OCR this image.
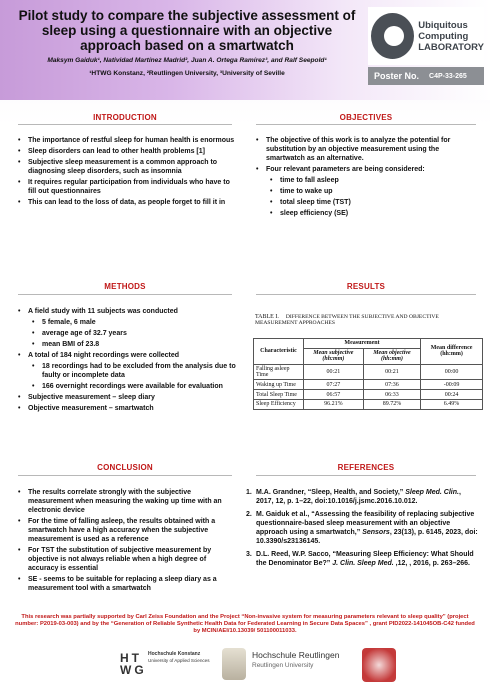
Pilot study to compare the subjective assessment of sleep using a questionnaire with an objective approach based on a smartwatch
Maksym Gaiduk¹, Natividad Martínez Madrid², Juan A. Ortega Ramírez³, and Ralf Seepold¹
¹HTWG Konstanz, ²Reutlingen University, ³University of Seville
Ubiquitous
Computing
LABORATORY
Poster No. C4P-33-265
INTRODUCTION
• The importance of restful sleep for human health is enormous
• Sleep disorders can lead to other health problems [1]
• Subjective sleep measurement is a common approach to diagnosing sleep disorders, such as insomnia
• It requires regular participation from individuals who have to fill out questionnaires
• This can lead to the loss of data, as people forget to fill it in
OBJECTIVES
• The objective of this work is to analyze the potential for substitution by an objective measurement using the smartwatch as an alternative.
• Four relevant parameters are being considered:
• time to fall asleep
• time to wake up
• total sleep time (TST)
• sleep efficiency (SE)
METHODS
• A field study with 11 subjects was conducted
• 5 female, 6 male
• average age of 32.7 years
• mean BMI of 23.8
• A total of 184 night recordings were collected
• 18 recordings had to be excluded from the analysis due to faulty or incomplete data
• 166 overnight recordings were available for evaluation
• Subjective measurement – sleep diary
• Objective measurement – smartwatch
RESULTS
TABLE I. DIFFERENCE BETWEEN THE SUBJECTIVE AND OBJECTIVE MEASUREMENT APPROACHES
Characteristic	Measurement		Mean difference (hh:mm)
	Mean subjective (hh:mm)	Mean objective (hh:mm)	
Falling asleep Time	00:21	00:21	00:00
Waking up Time	07:27	07:36	-00:09
Total Sleep Time	06:57	06:33	00:24
Sleep Efficiency	96.21%	89.72%	6.49%
CONCLUSION
• The results correlate strongly with the subjective measurement when measuring the waking up time with an electronic device
• For the time of falling asleep, the results obtained with a smartwatch have a high accuracy when the subjective measurement is used as a reference
• For TST the substitution of subjective measurement by objective is not always reliable when a high degree of accuracy is essential
• SE - seems to be suitable for replacing a sleep diary as a measurement tool with a smartwatch
REFERENCES
1. M.A. Grandner, “Sleep, Health, and Society,” Sleep Med. Clin., 2017, 12, p. 1–22, doi:10.1016/j.jsmc.2016.10.012.
2. M. Gaiduk et al., “Assessing the feasibility of replacing subjective questionnaire-based sleep measurement with an objective approach using a smartwatch,” Sensors, 23(13), p. 6145, 2023, doi: 10.3390/s23136145.
3. D.L. Reed, W.P. Sacco, “Measuring Sleep Efficiency: What Should the Denominator Be?” J. Clin. Sleep Med. ,12, , 2016, p. 263–266.
This research was partially supported by Carl Zeiss Foundation and the Project “Non-invasive system for measuring parameters relevant to sleep quality” (project number: P2019-03-003) and by the “Generation of Reliable Synthetic Health Data for Federated Learning in Secure Data Spaces” , grant PID2022-141045OB-C42 funded by MCIN/AEI/10.13039/ 501100011033.
HT
WG
Hochschule Konstanz
University of Applied Sciences
Hochschule Reutlingen
Reutlingen University
